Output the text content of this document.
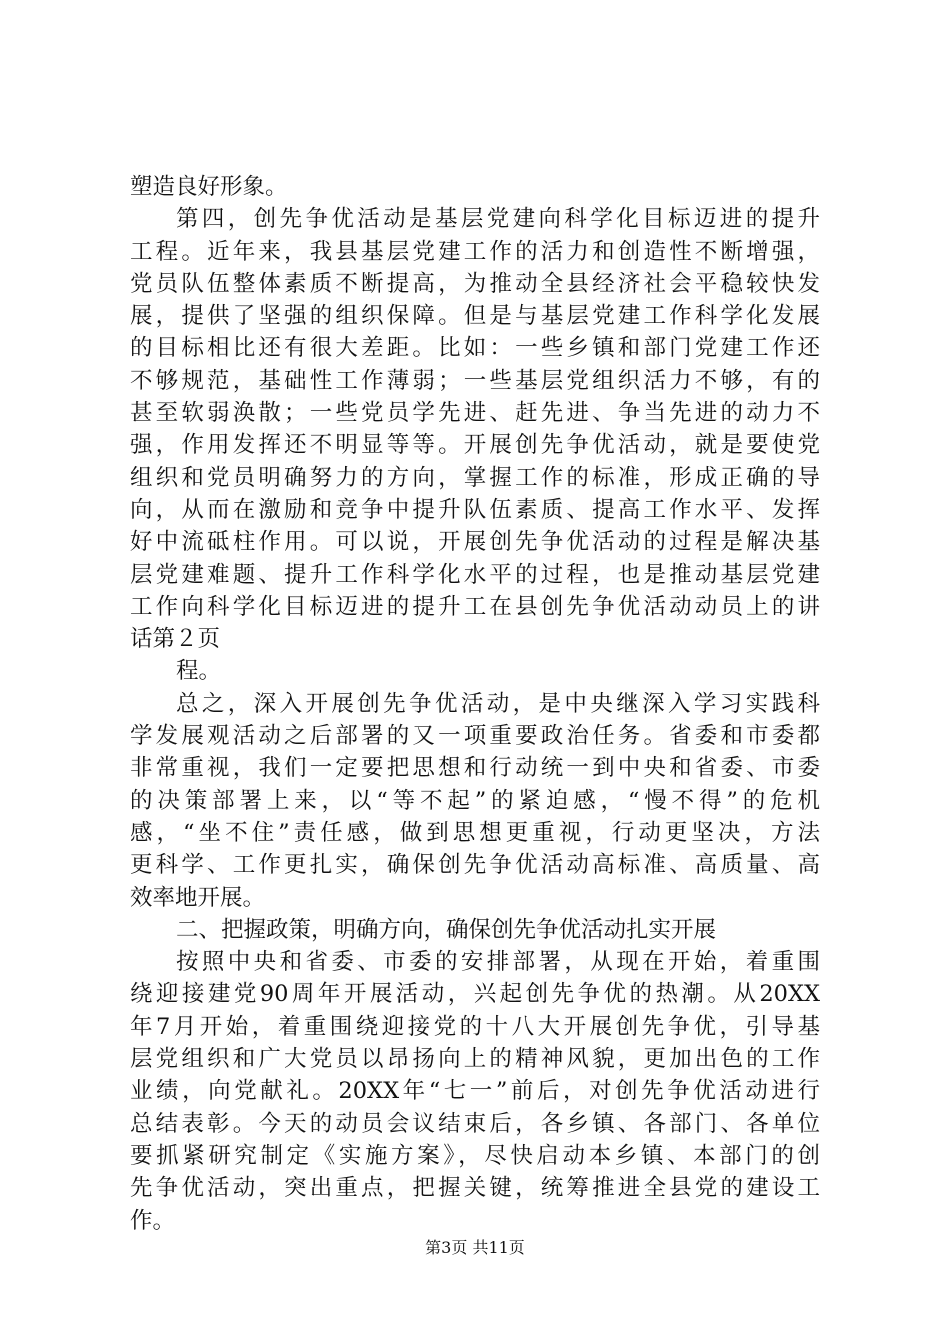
塑造良好形象。
第四，创先争优活动是基层党建向科学化目标迈进的提升
工程。近年来，我县基层党建工作的活力和创造性不断增强，
党员队伍整体素质不断提高，为推动全县经济社会平稳较快发
展，提供了坚强的组织保障。但是与基层党建工作科学化发展
的目标相比还有很大差距。比如：一些乡镇和部门党建工作还
不够规范，基础性工作薄弱；一些基层党组织活力不够，有的
甚至软弱涣散；一些党员学先进、赶先进、争当先进的动力不
强，作用发挥还不明显等等。开展创先争优活动，就是要使党
组织和党员明确努力的方向，掌握工作的标准，形成正确的导
向，从而在激励和竞争中提升队伍素质、提高工作水平、发挥
好中流砥柱作用。可以说，开展创先争优活动的过程是解决基
层党建难题、提升工作科学化水平的过程，也是推动基层党建
工作向科学化目标迈进的提升工在县创先争优活动动员上的讲
话第２页
程。
总之，深入开展创先争优活动，是中央继深入学习实践科
学发展观活动之后部署的又一项重要政治任务。省委和市委都
非常重视，我们一定要把思想和行动统一到中央和省委、市委
的决策部署上来，以“等不起”的紧迫感，“慢不得”的危机
感，“坐不住”责任感，做到思想更重视，行动更坚决，方法
更科学、工作更扎实，确保创先争优活动高标准、高质量、高
效率地开展。
二、把握政策，明确方向，确保创先争优活动扎实开展
按照中央和省委、市委的安排部署，从现在开始，着重围
绕迎接建党90周年开展活动，兴起创先争优的热潮。从20XX
年7月开始，着重围绕迎接党的十八大开展创先争优，引导基
层党组织和广大党员以昂扬向上的精神风貌，更加出色的工作
业绩，向党献礼。20XX年“七一”前后，对创先争优活动进行
总结表彰。今天的动员会议结束后，各乡镇、各部门、各单位
要抓紧研究制定《实施方案》，尽快启动本乡镇、本部门的创
先争优活动，突出重点，把握关键，统筹推进全县党的建设工
作。
第3页 共11页
